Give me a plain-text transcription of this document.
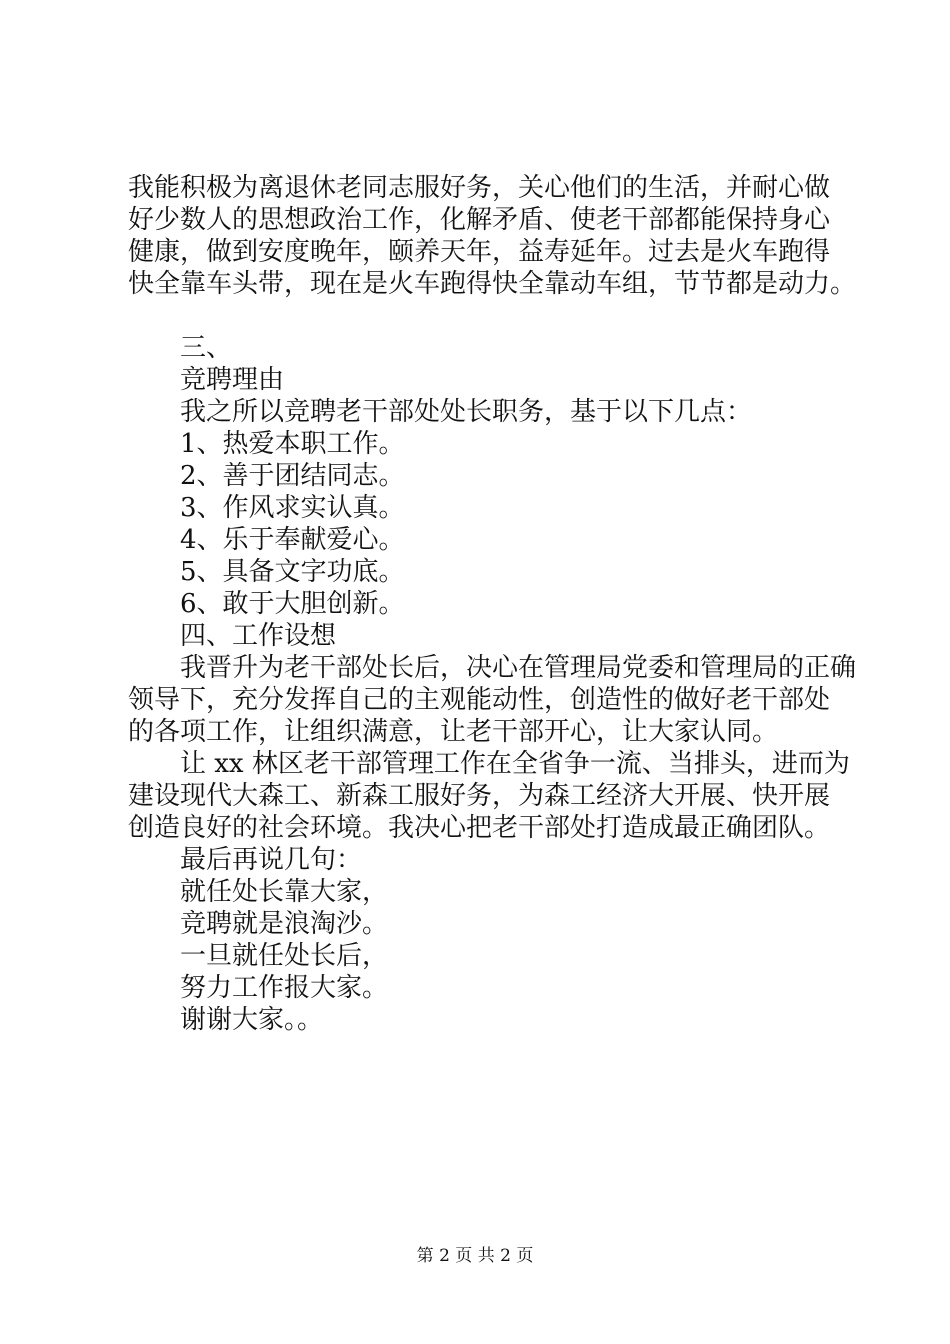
我能积极为离退休老同志服好务，关心他们的生活，并耐心做
好少数人的思想政治工作，化解矛盾、使老干部都能保持身心
健康，做到安度晚年，颐养天年，益寿延年。过去是火车跑得
快全靠车头带，现在是火车跑得快全靠动车组，节节都是动力。
三、
竞聘理由
我之所以竞聘老干部处处长职务，基于以下几点：
1、热爱本职工作。
2、善于团结同志。
3、作风求实认真。
4、乐于奉献爱心。
5、具备文字功底。
6、敢于大胆创新。
四、工作设想
我晋升为老干部处长后，决心在管理局党委和管理局的正确
领导下，充分发挥自己的主观能动性，创造性的做好老干部处
的各项工作，让组织满意，让老干部开心，让大家认同。
让 xx 林区老干部管理工作在全省争一流、当排头，进而为
建设现代大森工、新森工服好务，为森工经济大开展、快开展
创造良好的社会环境。我决心把老干部处打造成最正确团队。
最后再说几句：
就任处长靠大家，
竞聘就是浪淘沙。
一旦就任处长后，
努力工作报大家。
谢谢大家。。
第 2 页 共 2 页
